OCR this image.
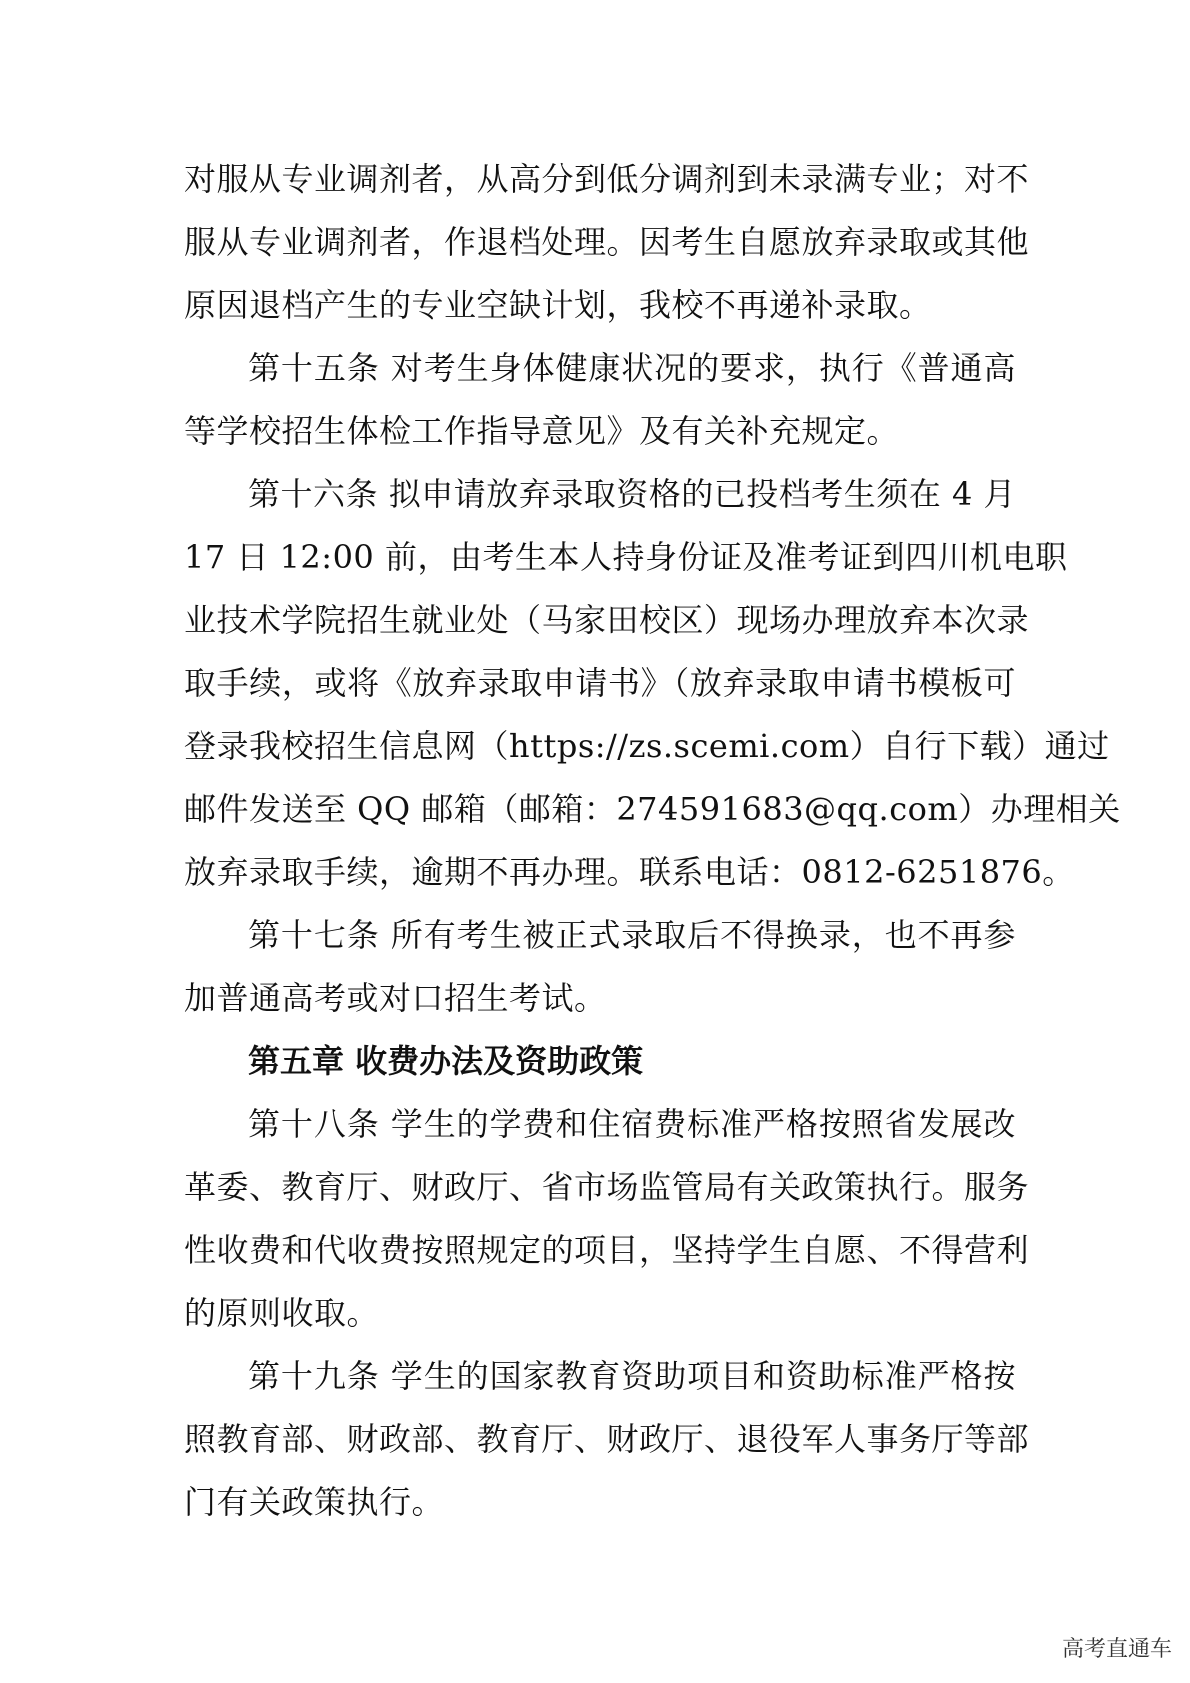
对服从专业调剂者，从高分到低分调剂到未录满专业；对不
服从专业调剂者，作退档处理。因考生自愿放弃录取或其他
原因退档产生的专业空缺计划，我校不再递补录取。
第十五条 对考生身体健康状况的要求，执行《普通高
等学校招生体检工作指导意见》及有关补充规定。
第十六条 拟申请放弃录取资格的已投档考生须在 4 月
17 日 12:00 前，由考生本人持身份证及准考证到四川机电职
业技术学院招生就业处（马家田校区）现场办理放弃本次录
取手续，或将《放弃录取申请书》（放弃录取申请书模板可
登录我校招生信息网（https://zs.scemi.com）自行下载）通过
邮件发送至 QQ 邮箱（邮箱：274591683@qq.com）办理相关
放弃录取手续，逾期不再办理。联系电话：0812-6251876。
第十七条 所有考生被正式录取后不得换录，也不再参
加普通高考或对口招生考试。
第五章 收费办法及资助政策
第十八条 学生的学费和住宿费标准严格按照省发展改
革委、教育厅、财政厅、省市场监管局有关政策执行。服务
性收费和代收费按照规定的项目，坚持学生自愿、不得营利
的原则收取。
第十九条 学生的国家教育资助项目和资助标准严格按
照教育部、财政部、教育厅、财政厅、退役军人事务厅等部
门有关政策执行。
高考直通车
